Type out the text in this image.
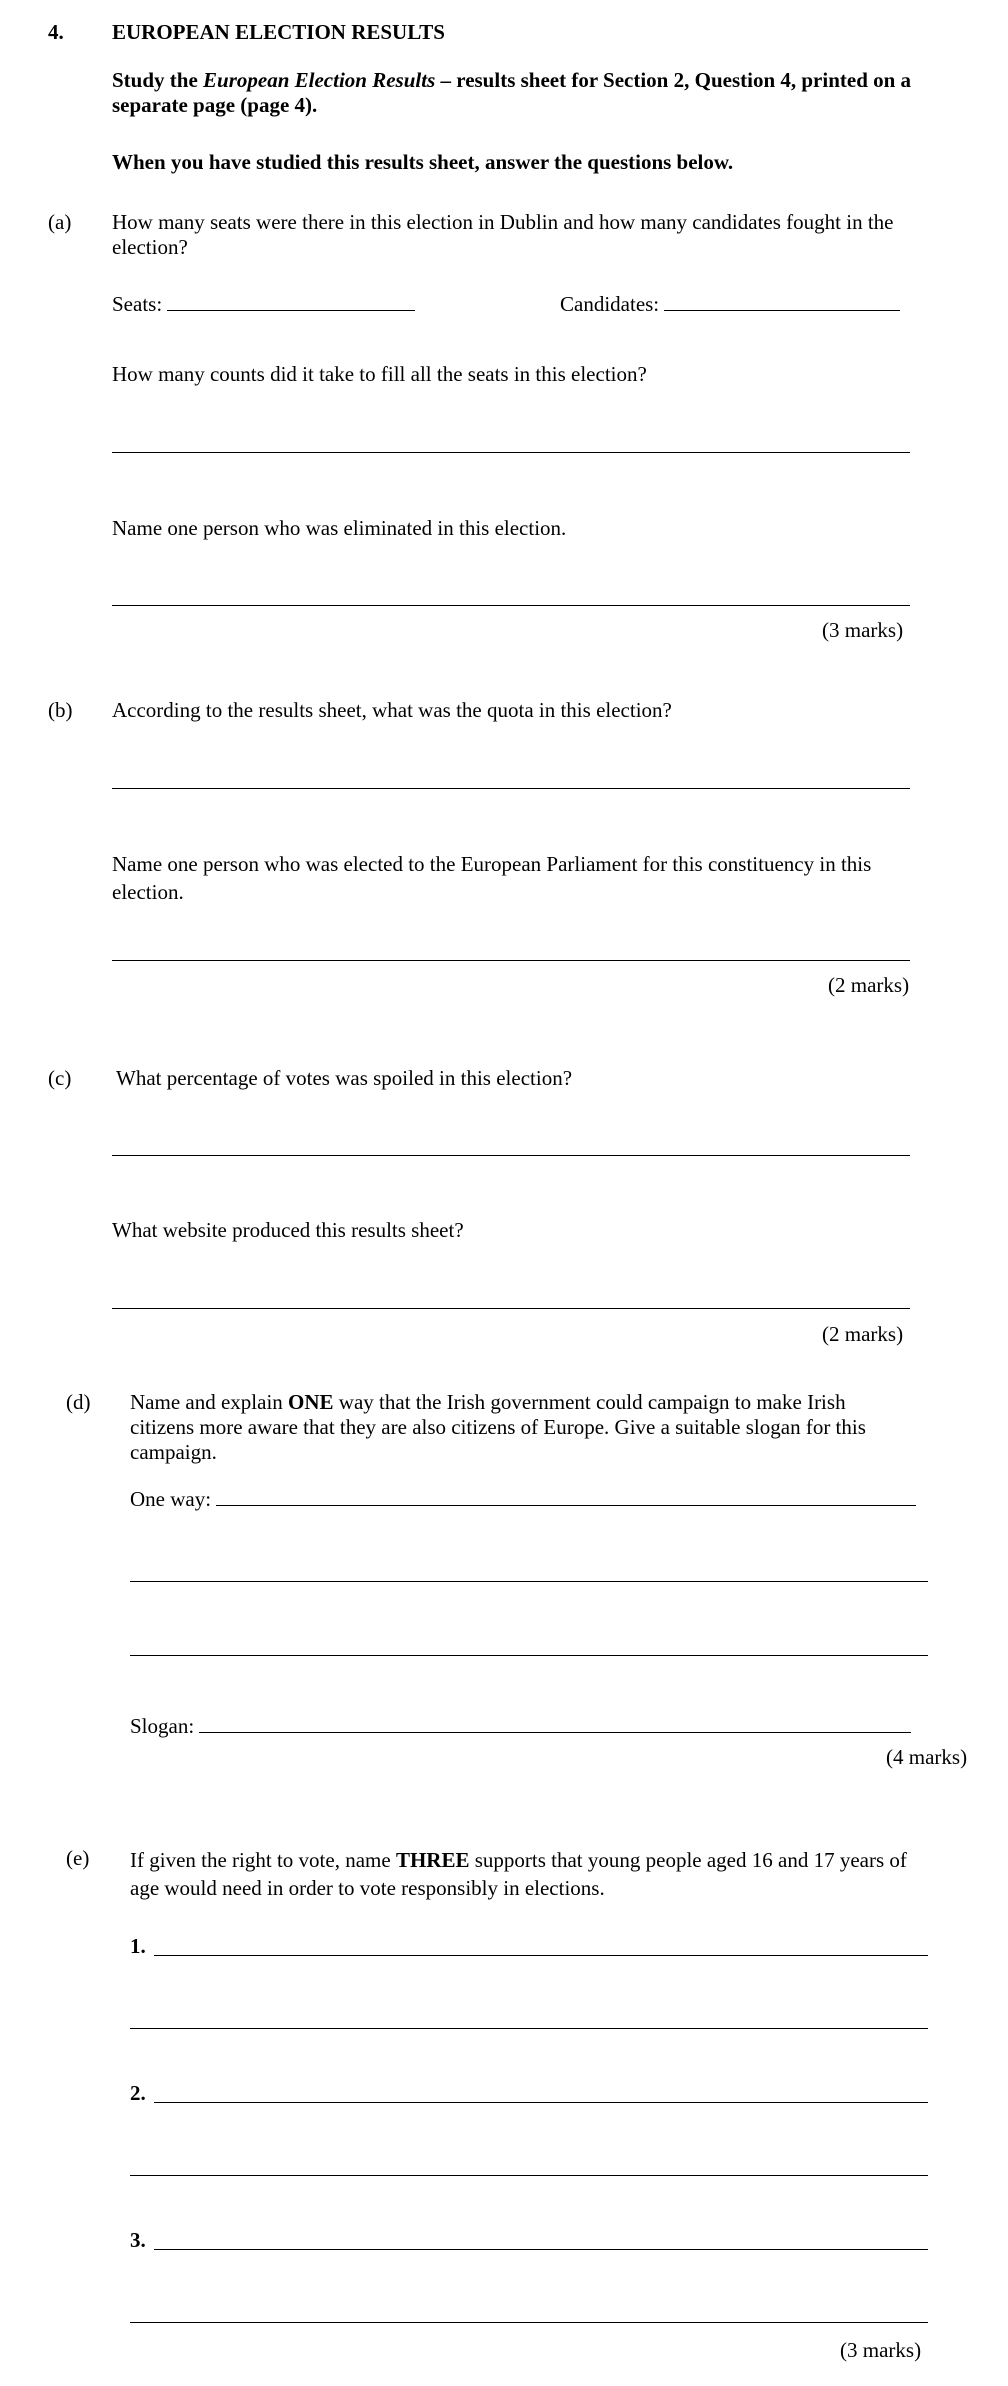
4. EUROPEAN ELECTION RESULTS
Study the European Election Results – results sheet for Section 2, Question 4, printed on a separate page (page 4).
When you have studied this results sheet, answer the questions below.
(a) How many seats were there in this election in Dublin and how many candidates fought in the election?
Seats:	Candidates:
How many counts did it take to fill all the seats in this election?
Name one person who was eliminated in this election.
(3 marks)
(b) According to the results sheet, what was the quota in this election?
Name one person who was elected to the European Parliament for this constituency in this election.
(2 marks)
(c) What percentage of votes was spoiled in this election?
What website produced this results sheet?
(2 marks)
(d) Name and explain ONE way that the Irish government could campaign to make Irish citizens more aware that they are also citizens of Europe. Give a suitable slogan for this campaign.
One way:
Slogan:
(4 marks)
(e) If given the right to vote, name THREE supports that young people aged 16 and 17 years of age would need in order to vote responsibly in elections.
1.
2.
3.
(3 marks)
